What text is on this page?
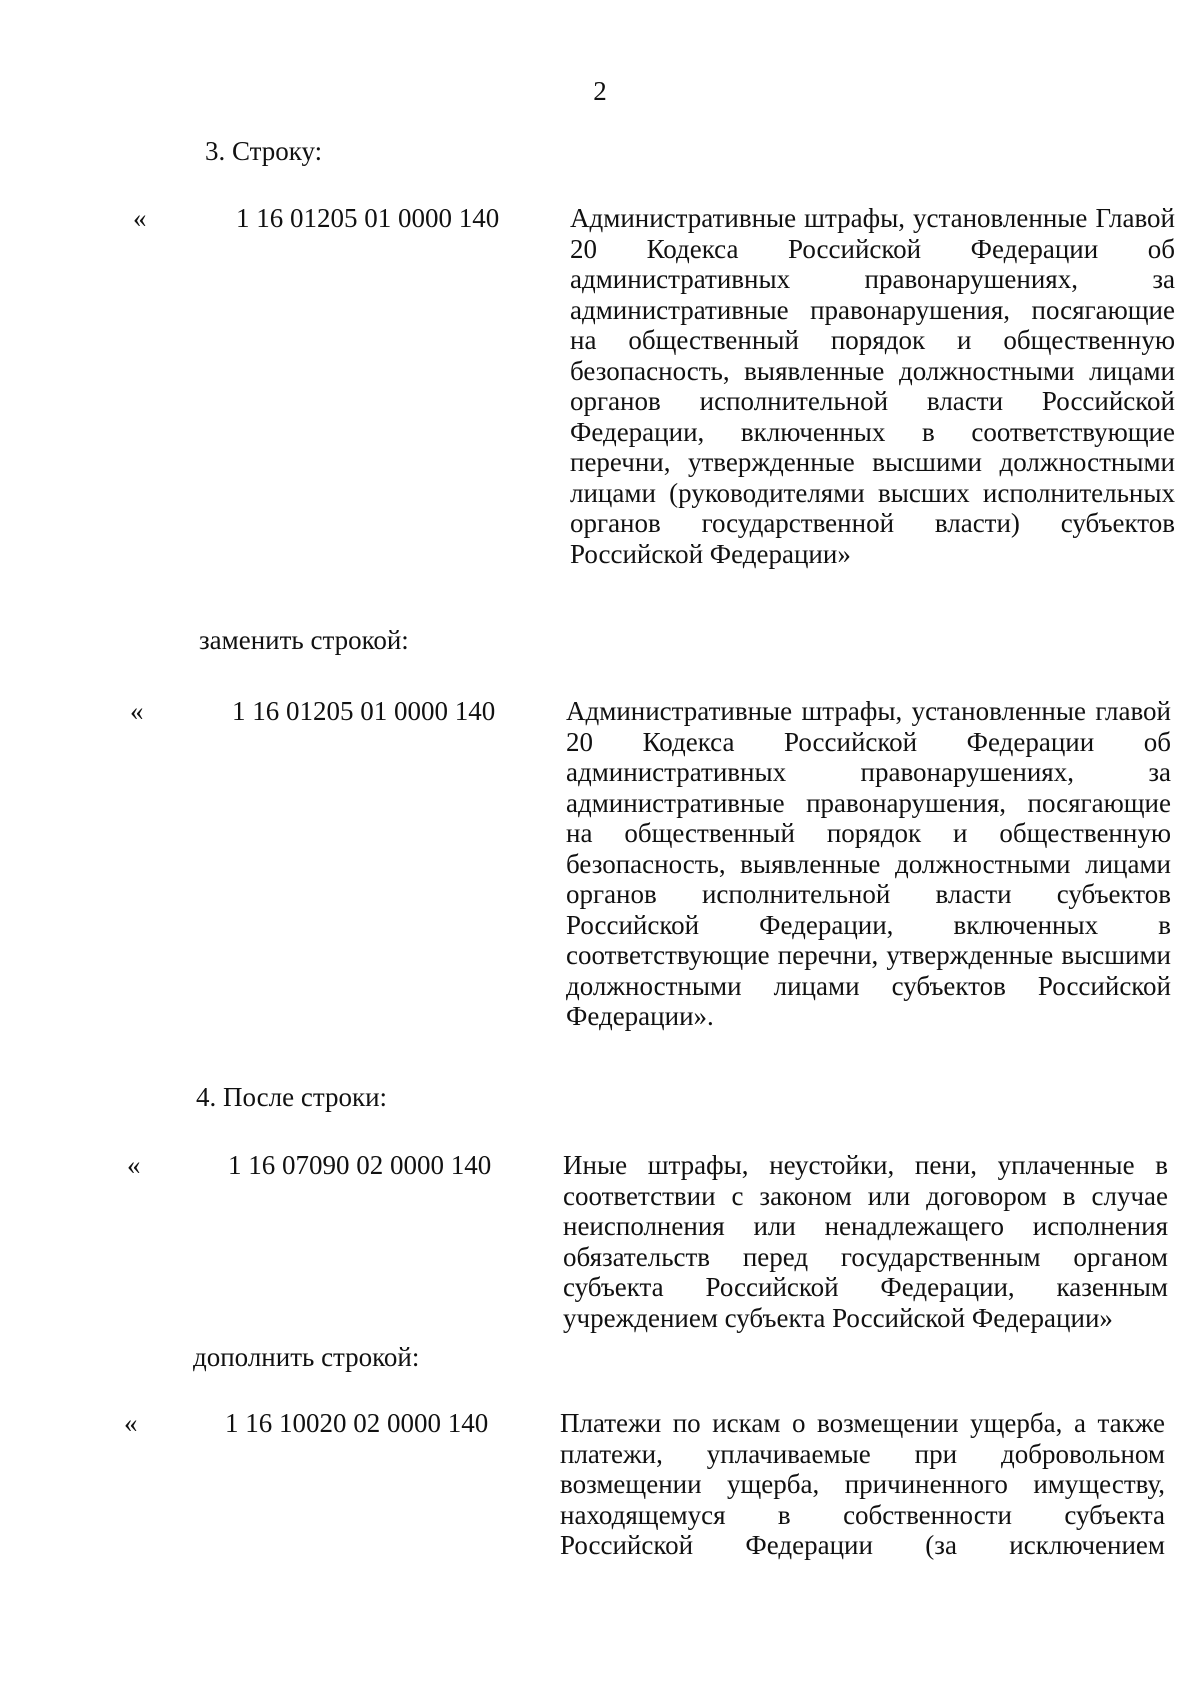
2
3. Строку:
«	1 16 01205 01 0000 140	Административные штрафы, установленные Главой 20 Кодекса Российской Федерации об административных правонарушениях, за административные правонарушения, посягающие на общественный порядок и общественную безопасность, выявленные должностными лицами органов исполнительной власти Российской Федерации, включенных в соответствующие перечни, утвержденные высшими должностными лицами (руководителями высших исполнительных органов государственной власти) субъектов Российской Федерации»
заменить строкой:
«	1 16 01205 01 0000 140	Административные штрафы, установленные главой 20 Кодекса Российской Федерации об административных правонарушениях, за административные правонарушения, посягающие на общественный порядок и общественную безопасность, выявленные должностными лицами органов исполнительной власти субъектов Российской Федерации, включенных в соответствующие перечни, утвержденные высшими должностными лицами субъектов Российской Федерации».
4. После строки:
«	1 16 07090 02 0000 140	Иные штрафы, неустойки, пени, уплаченные в соответствии с законом или договором в случае неисполнения или ненадлежащего исполнения обязательств перед государственным органом субъекта Российской Федерации, казенным учреждением субъекта Российской Федерации»
дополнить строкой:
«	1 16 10020 02 0000 140	Платежи по искам о возмещении ущерба, а также платежи, уплачиваемые при добровольном возмещении ущерба, причиненного имуществу, находящемуся в собственности субъекта Российской Федерации (за исключением
